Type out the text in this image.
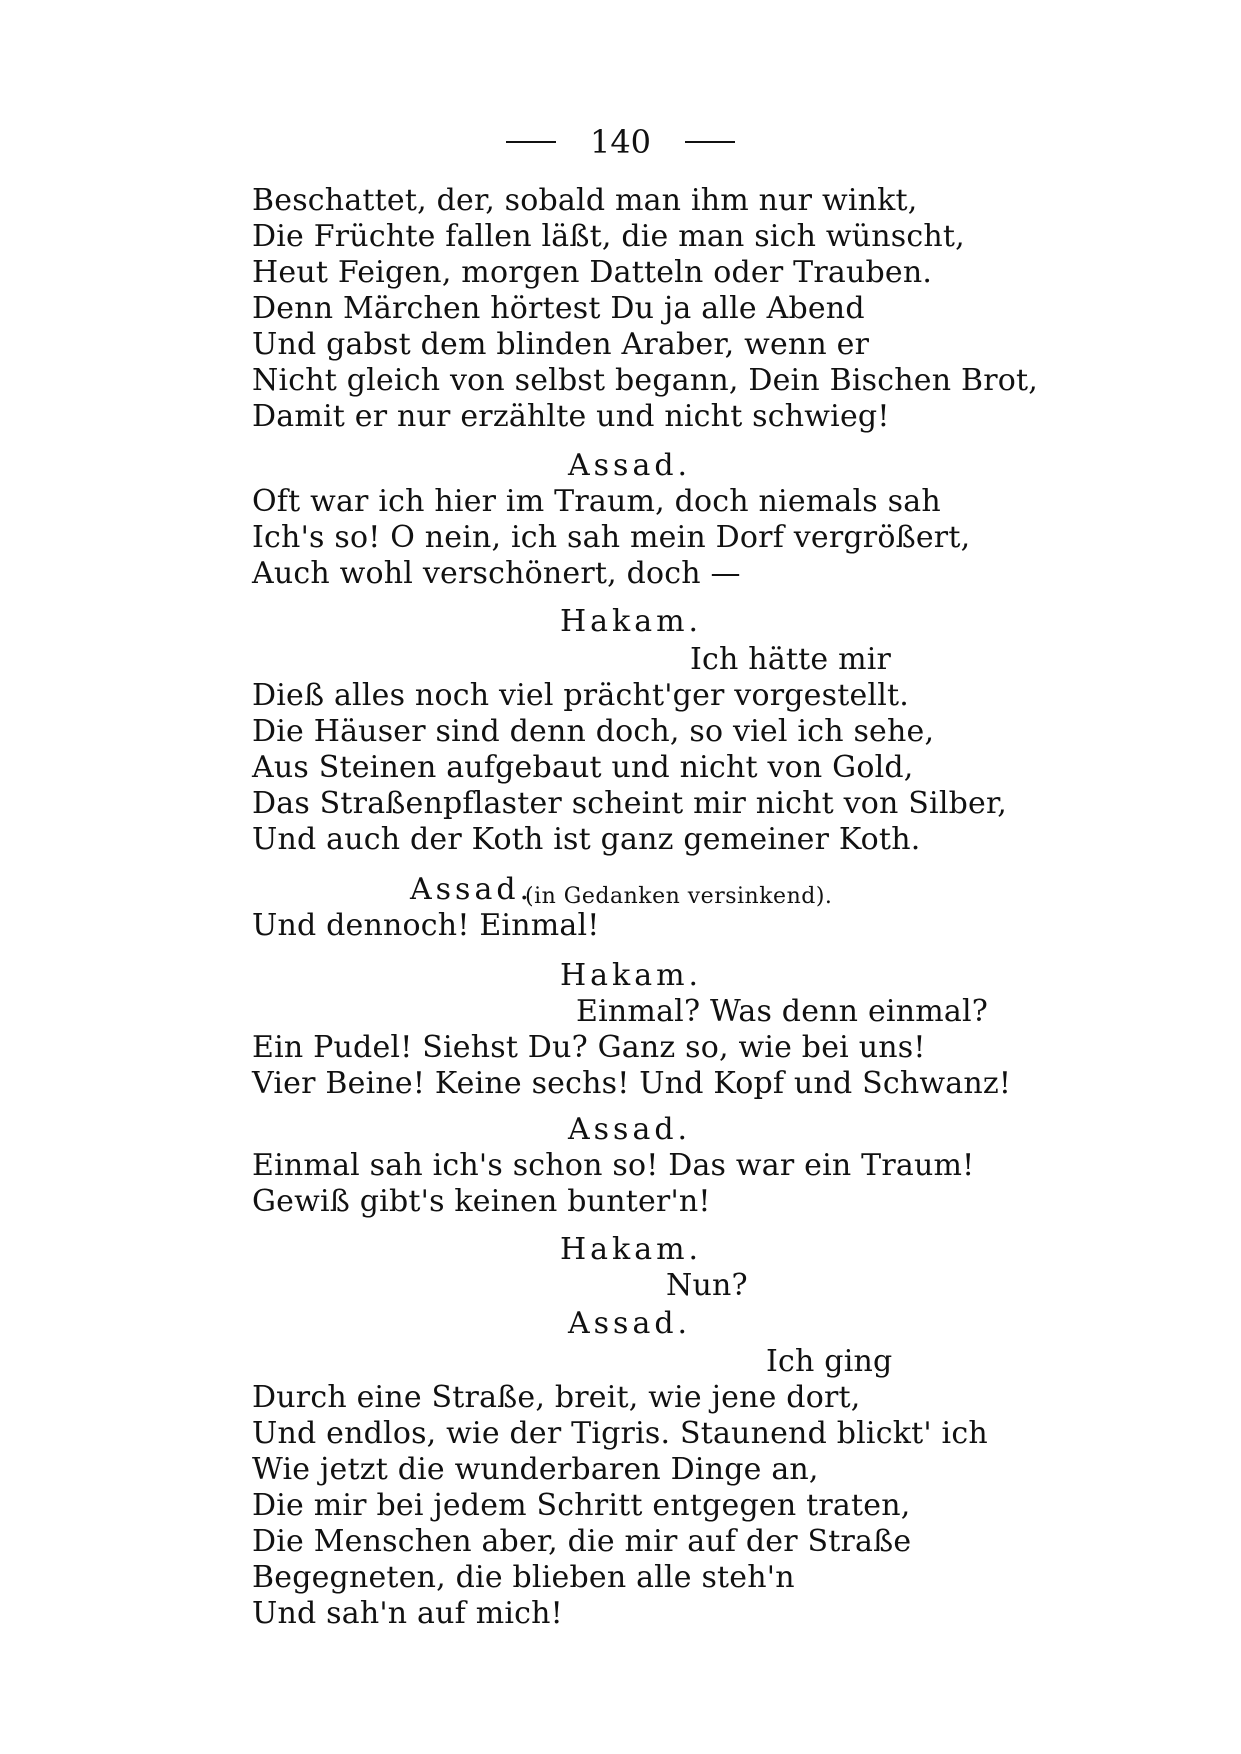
140
Beschattet, der, sobald man ihm nur winkt,
Die Früchte fallen läßt, die man sich wünscht,
Heut Feigen, morgen Datteln oder Trauben.
Denn Märchen hörtest Du ja alle Abend
Und gabst dem blinden Araber, wenn er
Nicht gleich von selbst begann, Dein Bischen Brot,
Damit er nur erzählte und nicht schwieg!
Assad.
Oft war ich hier im Traum, doch niemals sah
Ich's so! O nein, ich sah mein Dorf vergrößert,
Auch wohl verschönert, doch —
Hakam.
Ich hätte mir
Dieß alles noch viel prächt'ger vorgestellt.
Die Häuser sind denn doch, so viel ich sehe,
Aus Steinen aufgebaut und nicht von Gold,
Das Straßenpflaster scheint mir nicht von Silber,
Und auch der Koth ist ganz gemeiner Koth.
Assad.
(in Gedanken versinkend).
Und dennoch! Einmal!
Hakam.
Einmal? Was denn einmal?
Ein Pudel! Siehst Du? Ganz so, wie bei uns!
Vier Beine! Keine sechs! Und Kopf und Schwanz!
Assad.
Einmal sah ich's schon so! Das war ein Traum!
Gewiß gibt's keinen bunter'n!
Hakam.
Nun?
Assad.
Ich ging
Durch eine Straße, breit, wie jene dort,
Und endlos, wie der Tigris. Staunend blickt' ich
Wie jetzt die wunderbaren Dinge an,
Die mir bei jedem Schritt entgegen traten,
Die Menschen aber, die mir auf der Straße
Begegneten, die blieben alle steh'n
Und sah'n auf mich!
